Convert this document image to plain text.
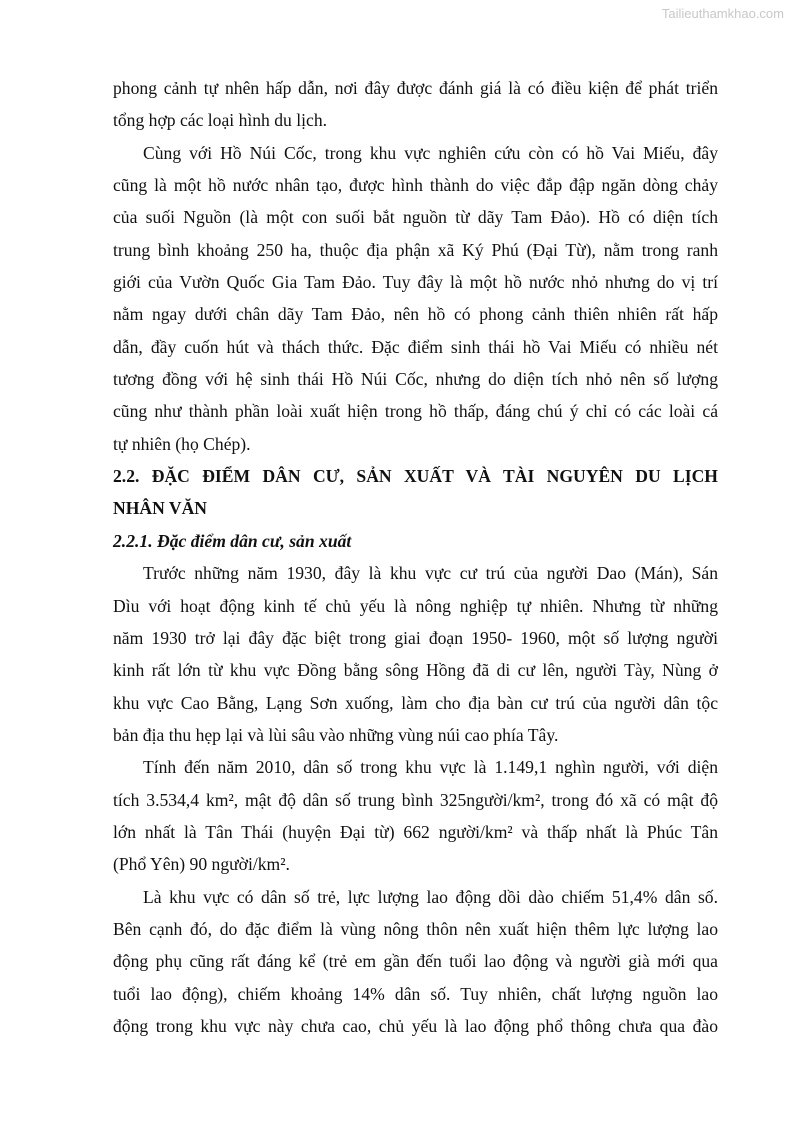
Tailieuthamkhao.com
phong cảnh tự nhên hấp dẫn, nơi đây được đánh giá là có điều kiện để phát triển
tổng hợp các loại hình du lịch.
Cùng với Hồ Núi Cốc, trong khu vực nghiên cứu còn có hồ Vai Miếu, đây
cũng là một hồ nước nhân tạo, được hình thành do việc đắp đập ngăn dòng chảy
của suối Nguồn (là một con suối bắt nguồn từ dãy Tam Đảo). Hồ có diện tích
trung bình khoảng 250 ha, thuộc địa phận xã Ký Phú (Đại Từ), nằm trong ranh
giới của Vườn Quốc Gia Tam Đảo. Tuy đây là một hồ nước nhỏ nhưng do vị trí
nằm ngay dưới chân dãy Tam Đảo, nên hồ có phong cảnh thiên nhiên rất hấp
dẫn, đầy cuốn hút và thách thức. Đặc điểm sinh thái hồ Vai Miếu có nhiều nét
tương đồng với hệ sinh thái Hồ Núi Cốc, nhưng do diện tích nhỏ nên số lượng
cũng như thành phần loài xuất hiện trong hồ thấp, đáng chú ý chỉ có các loài cá
tự nhiên (họ Chép).
2.2. ĐẶC ĐIỂM DÂN CƯ, SẢN XUẤT VÀ TÀI NGUYÊN DU LỊCH
NHÂN VĂN
2.2.1. Đặc điểm dân cư, sản xuất
Trước những năm 1930, đây là khu vực cư trú của người Dao (Mán), Sán
Dìu với hoạt động kinh tế chủ yếu là nông nghiệp tự nhiên. Nhưng từ những
năm 1930 trở lại đây đặc biệt trong giai đoạn 1950- 1960, một số lượng người
kinh rất lớn từ khu vực Đồng bằng sông Hồng đã di cư lên, người Tày, Nùng ở
khu vực Cao Bằng, Lạng Sơn xuống, làm cho địa bàn cư trú của người dân tộc
bản địa thu hẹp lại và lùi sâu vào những vùng núi cao phía Tây.
Tính đến năm 2010, dân số trong khu vực là 1.149,1 nghìn người, với diện
tích 3.534,4 km², mật độ dân số trung bình 325người/km², trong đó xã có mật độ
lớn nhất là Tân Thái (huyện Đại từ) 662 người/km² và thấp nhất là Phúc Tân
(Phổ Yên) 90 người/km².
Là khu vực có dân số trẻ, lực lượng lao động dồi dào chiếm 51,4% dân số.
Bên cạnh đó, do đặc điểm là vùng nông thôn nên xuất hiện thêm lực lượng lao
động phụ cũng rất đáng kể (trẻ em gần đến tuổi lao động và người già mới qua
tuổi lao động), chiếm khoảng 14% dân số. Tuy nhiên, chất lượng nguồn lao
động trong khu vực này chưa cao, chủ yếu là lao động phổ thông chưa qua đào
